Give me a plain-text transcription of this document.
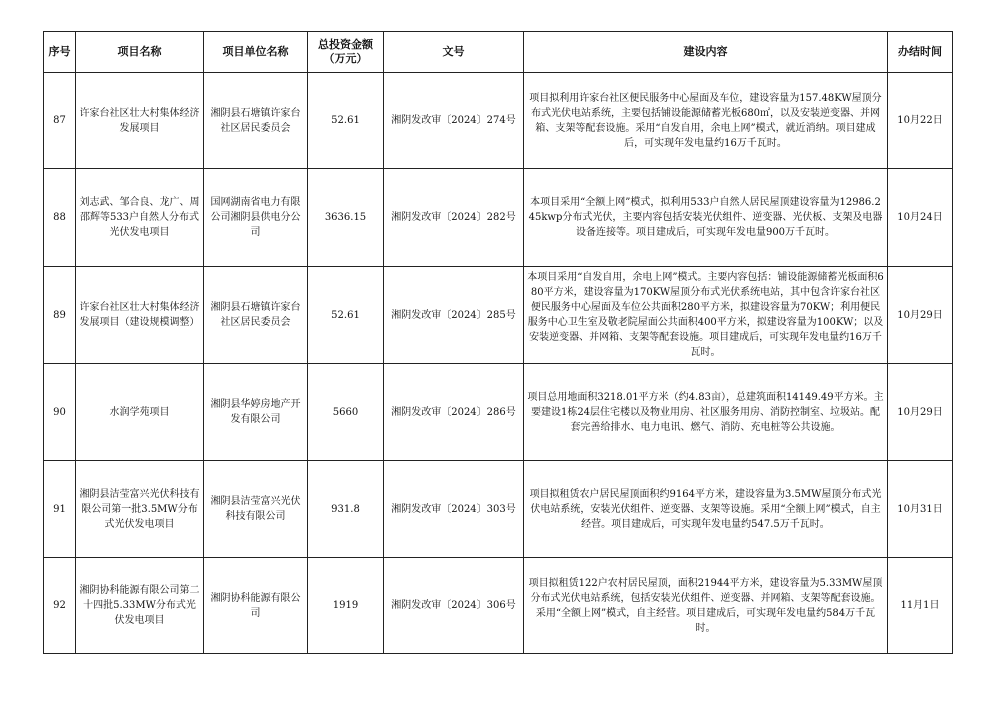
序号	项目名称	项目单位名称	总投资金额（万元）	文号	建设内容	办结时间
87	许家台社区壮大村集体经济发展项目	湘阴县石塘镇许家台社区居民委员会	52.61	湘阴发改审〔2024〕274号	项目拟利用许家台社区便民服务中心屋面及车位，建设容量为157.48KW屋顶分布式光伏电站系统，主要包括铺设能源储蓄光板680㎡，以及安装逆变器、并网箱、支架等配套设施。采用“自发自用，余电上网”模式，就近消纳。项目建成后，可实现年发电量约16万千瓦时。	10月22日
88	刘志武、邹合良、龙广、周邵辉等533户自然人分布式光伏发电项目	国网湖南省电力有限公司湘阴县供电分公司	3636.15	湘阴发改审〔2024〕282号	本项目采用“全额上网”模式，拟利用533户自然人居民屋顶建设容量为12986.245kwp分布式光伏，主要内容包括安装光伏组件、逆变器、光伏板、支架及电器设备连接等。项目建成后，可实现年发电量900万千瓦时。	10月24日
89	许家台社区壮大村集体经济发展项目（建设规模调整）	湘阴县石塘镇许家台社区居民委员会	52.61	湘阴发改审〔2024〕285号	本项目采用“自发自用，余电上网”模式。主要内容包括：铺设能源储蓄光板面积680平方米，建设容量为170KW屋顶分布式光伏系统电站，其中包含许家台社区便民服务中心屋面及车位公共面积280平方米，拟建设容量为70KW；利用便民服务中心卫生室及敬老院屋面公共面积400平方米，拟建设容量为100KW；以及安装逆变器、并网箱、支架等配套设施。项目建成后，可实现年发电量约16万千瓦时。	10月29日
90	水润学苑项目	湘阴县华婷房地产开发有限公司	5660	湘阴发改审〔2024〕286号	项目总用地面积3218.01平方米（约4.83亩），总建筑面积14149.49平方米。主要建设1栋24层住宅楼以及物业用房、社区服务用房、消防控制室、垃圾站。配套完善给排水、电力电讯、燃气、消防、充电桩等公共设施。	10月29日
91	湘阴县洁莹富兴光伏科技有限公司第一批3.5MW分布式光伏发电项目	湘阴县洁莹富兴光伏科技有限公司	931.8	湘阴发改审〔2024〕303号	项目拟租赁农户居民屋顶面积约9164平方米，建设容量为3.5MW屋顶分布式光伏电站系统，安装光伏组件、逆变器、支架等设施。采用“全额上网”模式，自主经营。项目建成后，可实现年发电量约547.5万千瓦时。	10月31日
92	湘阴协科能源有限公司第二十四批5.33MW分布式光伏发电项目	湘阴协科能源有限公司	1919	湘阴发改审〔2024〕306号	项目拟租赁122户农村居民屋顶，面积21944平方米，建设容量为5.33MW屋顶分布式光伏电站系统，包括安装光伏组件、逆变器、并网箱、支架等配套设施。采用“全额上网”模式，自主经营。项目建成后，可实现年发电量约584万千瓦时。	11月1日
